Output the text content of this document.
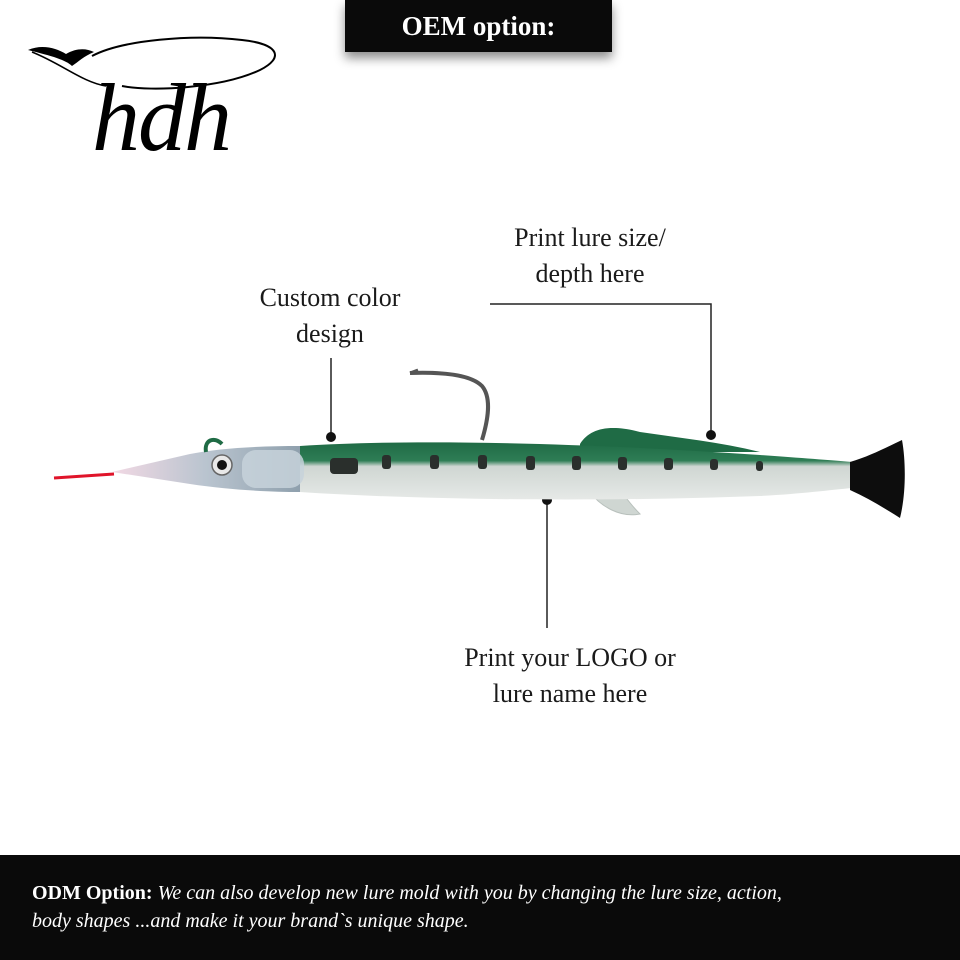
OEM option:
hdh
Custom color
design
Print lure size/
depth here
Print your LOGO or
lure name here
ODM Option: We can also develop new lure mold with you by changing the lure size, action,
body shapes ...and make it your brand`s unique shape.
